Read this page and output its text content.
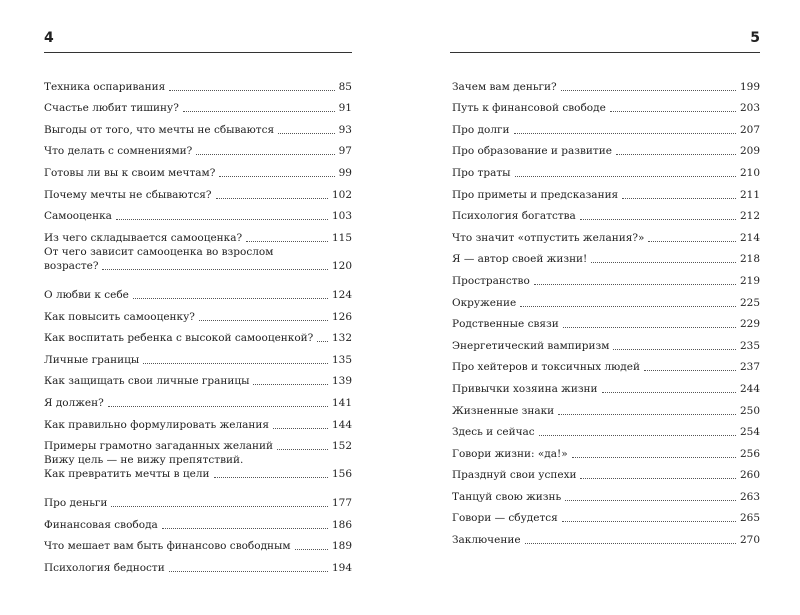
4
Техника оспаривания	85
Счастье любит тишину?	91
Выгоды от того, что мечты не сбываются	93
Что делать с сомнениями?	97
Готовы ли вы к своим мечтам?	99
Почему мечты не сбываются?	102
Самооценка	103
Из чего складывается самооценка?	115
От чего зависит самооценка во взрослом
возрасте?	120
О любви к себе	124
Как повысить самооценку?	126
Как воспитать ребенка с высокой самооценкой? 132
Личные границы	135
Как защищать свои личные границы	139
Я должен?	141
Как правильно формулировать желания	144
Примеры грамотно загаданных желаний	152
Вижу цель — не вижу препятствий.
Как превратить мечты в цели	156
Про деньги	177
Финансовая свобода	186
Что мешает вам быть финансово свободным	189
Психология бедности	194
5
Зачем вам деньги?	199
Путь к финансовой свободе	203
Про долги	207
Про образование и развитие	209
Про траты	210
Про приметы и предсказания	211
Психология богатства	212
Что значит «отпустить желания?»	214
Я — автор своей жизни!	218
Пространство	219
Окружение	225
Родственные связи	229
Энергетический вампиризм	235
Про хейтеров и токсичных людей	237
Привычки хозяина жизни	244
Жизненные знаки	250
Здесь и сейчас	254
Говори жизни: «да!»	256
Празднуй свои успехи	260
Танцуй свою жизнь	263
Говори — сбудется	265
Заключение	270
